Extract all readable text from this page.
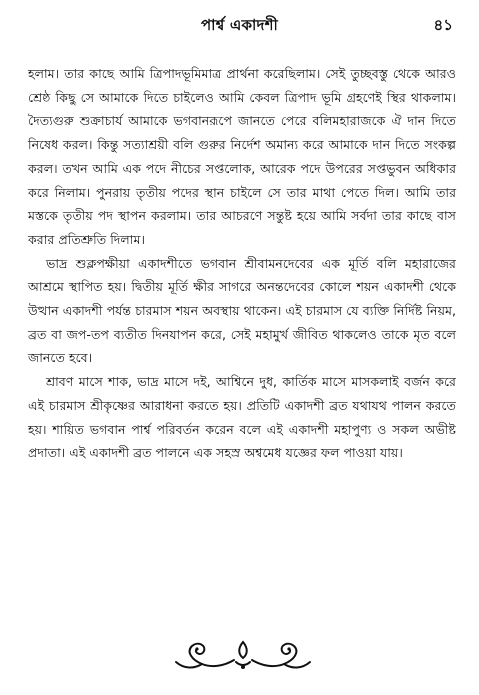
পার্শ্ব একাদশী	৪১

হলাম। তার কাছে আমি ত্রিপাদভূমিমাত্র প্রার্থনা করেছিলাম। সেই তুচ্ছবস্তু থেকে আরও শ্রেষ্ঠ কিছু সে আমাকে দিতে চাইলেও আমি কেবল ত্রিপাদ ভূমি গ্রহণেই স্থির থাকলাম। দৈত্যগুরু শুক্রাচার্য আমাকে ভগবানরূপে জানতে পেরে বলিমহারাজকে ঐ দান দিতে নিষেধ করল। কিন্তু সত্যাশ্রয়ী বলি গুরুর নির্দেশ অমান্য করে আমাকে দান দিতে সংকল্প করল। তখন আমি এক পদে নীচের সপ্তলোক, আরেক পদে উপরের সপ্তভুবন অধিকার করে নিলাম। পুনরায় তৃতীয় পদের স্থান চাইলে সে তার মাথা পেতে দিল। আমি তার মস্তকে তৃতীয় পদ স্থাপন করলাম। তার আচরণে সন্তুষ্ট হয়ে আমি সর্বদা তার কাছে বাস করার প্রতিশ্রুতি দিলাম।

ভাদ্র শুক্লপক্ষীয়া একাদশীতে ভগবান শ্রীবামনদেবের এক মূর্তি বলি মহারাজের আশ্রমে স্থাপিত হয়। দ্বিতীয় মূর্তি ক্ষীর সাগরে অনন্তদেবের কোলে শয়ন একাদশী থেকে উত্থান একাদশী পর্যন্ত চারমাস শয়ন অবস্থায় থাকেন। এই চারমাস যে ব্যক্তি নির্দিষ্ট নিয়ম, ব্রত বা জপ-তপ ব্যতীত দিনযাপন করে, সেই মহামুর্খ জীবিত থাকলেও তাকে মৃত বলে জানতে হবে।

শ্রাবণ মাসে শাক, ভাদ্র মাসে দই, আশ্বিনে দুধ, কার্তিক মাসে মাসকলাই বর্জন করে এই চারমাস শ্রীকৃষ্ণের আরাধনা করতে হয়। প্রতিটি একাদশী ব্রত যথাযথ পালন করতে হয়। শায়িত ভগবান পার্শ্ব পরিবর্তন করেন বলে এই একাদশী মহাপুণ্য ও সকল অভীষ্ট প্রদাতা। এই একাদশী ব্রত পালনে এক সহস্র অশ্বমেধ যজ্ঞের ফল পাওয়া যায়।
